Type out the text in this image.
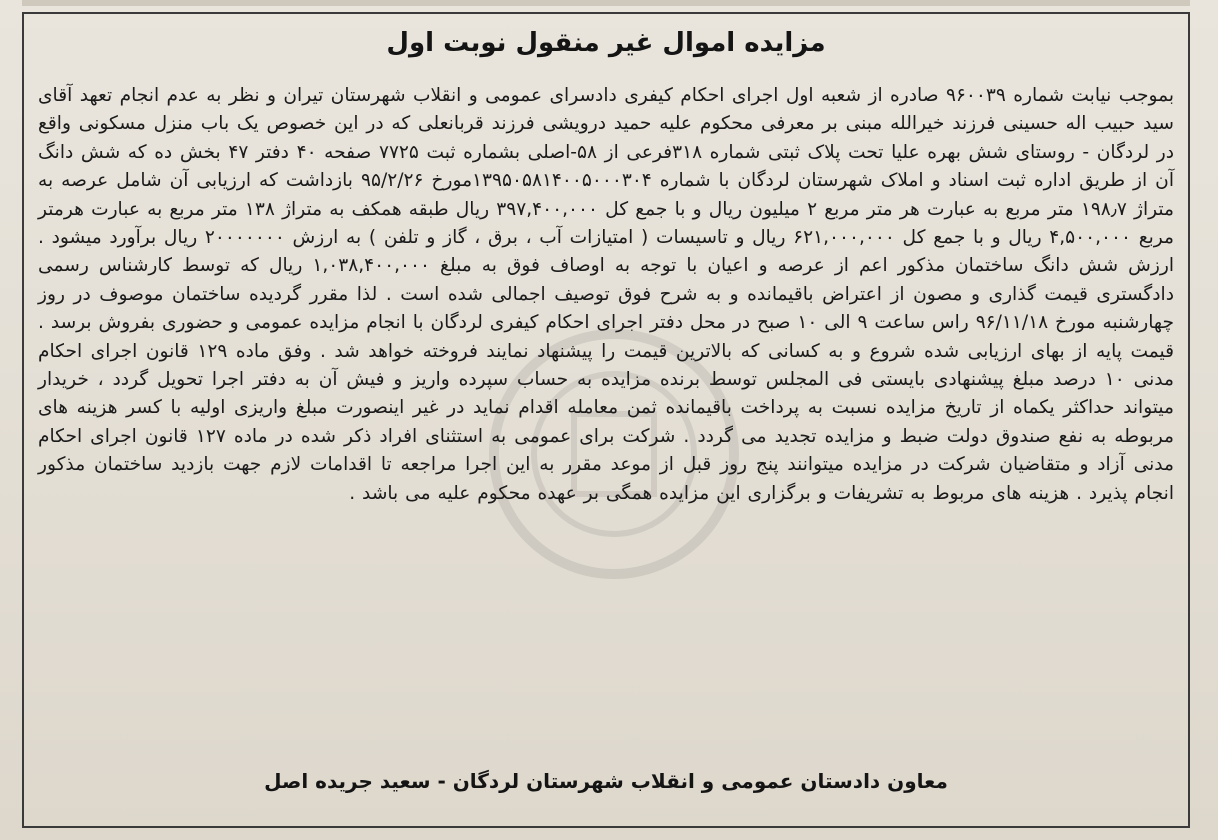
مزایده اموال غیر منقول نوبت اول
بموجب نیابت شماره ۹۶۰۰۳۹ صادره از شعبه اول اجرای احکام کیفری دادسرای عمومی و انقلاب شهرستان تیران و نظر به عدم انجام تعهد آقای سید حبیب اله حسینی فرزند خیرالله مبنی بر معرفی محکوم علیه حمید درویشی فرزند قربانعلی که در این خصوص یک باب منزل مسکونی واقع در لردگان - روستای شش بهره علیا تحت پلاک ثبتی شماره ۳۱۸فرعی از ۵۸-اصلی بشماره ثبت ۷۷۲۵ صفحه ۴۰ دفتر ۴۷ بخش ده که شش دانگ آن از طریق اداره ثبت اسناد و املاک شهرستان لردگان با شماره ۱۳۹۵۰۵۸۱۴۰۰۵۰۰۰۳۰۴مورخ ۹۵/۲/۲۶ بازداشت که ارزیابی آن شامل عرصه به متراژ ۱۹۸٫۷ متر مربع به عبارت هر متر مربع ۲ میلیون ریال و با جمع کل ۳۹۷,۴۰۰,۰۰۰ ریال طبقه همکف به متراژ ۱۳۸ متر مربع به عبارت هرمتر مربع ۴,۵۰۰,۰۰۰ ریال و با جمع کل ۶۲۱,۰۰۰,۰۰۰ ریال و تاسیسات ( امتیازات آب ، برق ، گاز و تلفن ) به ارزش ۲۰۰۰۰۰۰۰ ریال برآورد میشود . ارزش شش دانگ ساختمان مذکور اعم از عرصه و اعیان با توجه به اوصاف فوق به مبلغ ۱,۰۳۸,۴۰۰,۰۰۰ ریال که توسط کارشناس رسمی دادگستری قیمت گذاری و مصون از اعتراض باقیمانده و به شرح فوق توصیف اجمالی شده است . لذا مقرر گردیده ساختمان موصوف در روز چهارشنبه مورخ ۹۶/۱۱/۱۸ راس ساعت ۹ الی ۱۰ صبح در محل دفتر اجرای احکام کیفری لردگان با انجام مزایده عمومی و حضوری بفروش برسد . قیمت پایه از بهای ارزیابی شده شروع و به کسانی که بالاترین قیمت را پیشنهاد نمایند فروخته خواهد شد . وفق ماده ۱۲۹ قانون اجرای احکام مدنی ۱۰ درصد مبلغ پیشنهادی بایستی فی المجلس توسط برنده مزایده به حساب سپرده واریز و فیش آن به دفتر اجرا تحویل گردد ، خریدار میتواند حداکثر یکماه از تاریخ مزایده نسبت به پرداخت باقیمانده ثمن معامله اقدام نماید در غیر اینصورت مبلغ واریزی اولیه با کسر هزینه های مربوطه به نفع صندوق دولت ضبط و مزایده تجدید می گردد . شرکت برای عمومی به استثنای افراد ذکر شده در ماده ۱۲۷ قانون اجرای احکام مدنی آزاد و متقاضیان شرکت در مزایده میتوانند پنج روز قبل از موعد مقرر به این اجرا مراجعه تا اقدامات لازم جهت بازدید ساختمان مذکور انجام پذیرد . هزینه های مربوط به تشریفات و برگزاری این مزایده همگی بر عهده محکوم علیه می باشد .
معاون دادستان عمومی و انقلاب شهرستان لردگان - سعید جریده اصل
